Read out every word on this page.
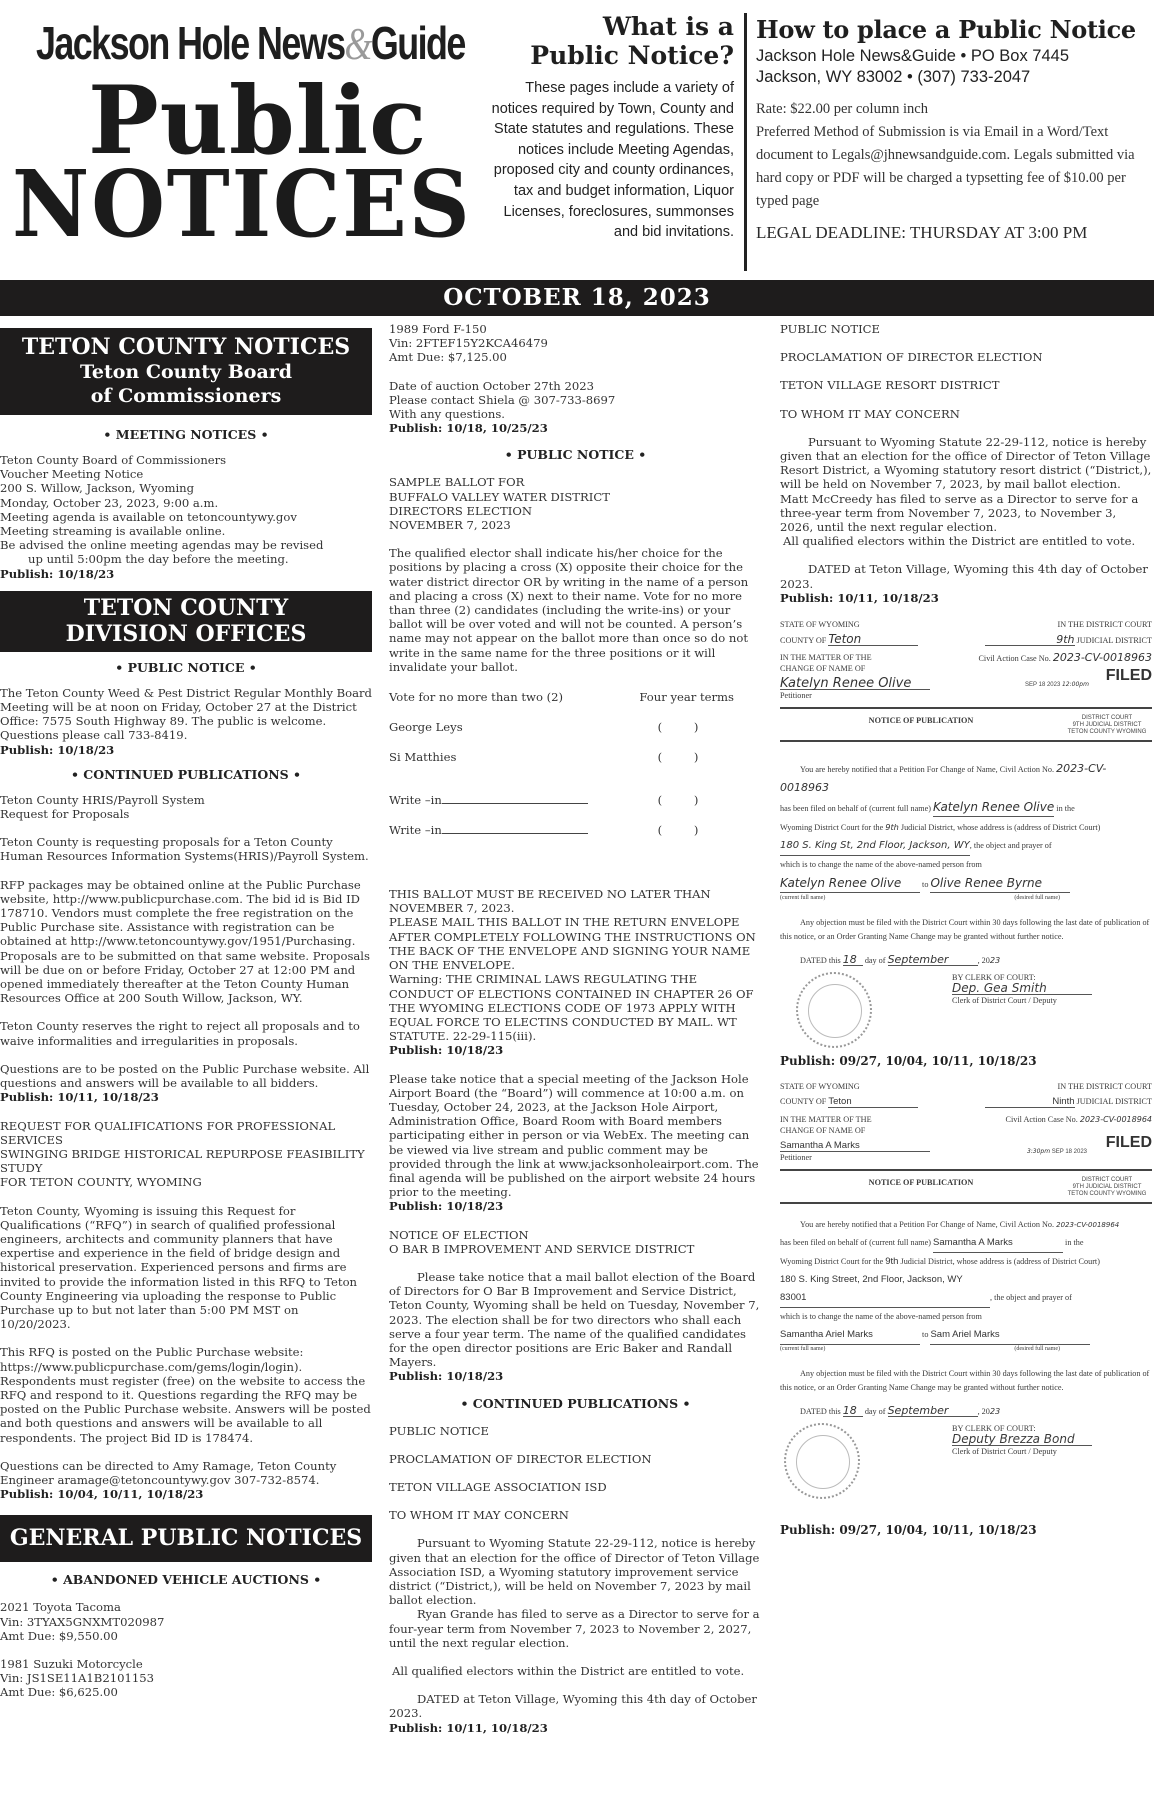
Jackson Hole News&Guide
Public
NOTICES
What is a
Public Notice?

These pages include a variety of notices required by Town, County and State statutes and regulations. These notices include Meeting Agendas, proposed city and county ordinances, tax and budget information, Liquor Licenses, foreclosures, summonses and bid invitations.

How to place a Public Notice
Jackson Hole News&Guide • PO Box 7445
Jackson, WY 83002 • (307) 733-2047
Rate: $22.00 per column inch
Preferred Method of Submission is via Email in a Word/Text document to Legals@jhnewsandguide.com. Legals submitted via hard copy or PDF will be charged a typsetting fee of $10.00 per typed page
LEGAL DEADLINE: THURSDAY AT 3:00 PM
OCTOBER 18, 2023
TETON COUNTY NOTICES
Teton County Board
of Commissioners
• MEETING NOTICES •
Teton County Board of Commissioners
Voucher Meeting Notice
200 S. Willow, Jackson, Wyoming
Monday, October 23, 2023, 9:00 a.m.
Meeting agenda is available on tetoncountywy.gov
Meeting streaming is available online.
Be advised the online meeting agendas may be revised
up until 5:00pm the day before the meeting.
Publish: 10/18/23
TETON COUNTY
DIVISION OFFICES
• PUBLIC NOTICE •

The Teton County Weed & Pest District Regular Monthly Board Meeting will be at noon on Friday, October 27 at the District Office: 7575 South Highway 89. The public is welcome. Questions please call 733-8419.

Publish: 10/18/23
• CONTINUED PUBLICATIONS •
Teton County HRIS/Payroll System
Request for Proposals

Teton County is requesting proposals for a Teton County Human Resources Information Systems(HRIS)/Payroll System.

RFP packages may be obtained online at the Public Purchase website, http://www.publicpurchase.com. The bid id is Bid ID 178710. Vendors must complete the free registration on the Public Purchase site. Assistance with registration can be obtained at http://www.tetoncountywy.gov/1951/Purchasing. Proposals are to be submitted on that same website. Proposals will be due on or before Friday, October 27 at 12:00 PM and opened immediately thereafter at the Teton County Human Resources Office at 200 South Willow, Jackson, WY.

Teton County reserves the right to reject all proposals and to waive informalities and irregularities in proposals.

Questions are to be posted on the Public Purchase website. All questions and answers will be available to all bidders.

Publish: 10/11, 10/18/23
REQUEST FOR QUALIFICATIONS FOR PROFESSIONAL SERVICES
SWINGING BRIDGE HISTORICAL REPURPOSE FEASIBILITY STUDY
FOR TETON COUNTY, WYOMING

Teton County, Wyoming is issuing this Request for Qualifications (“RFQ”) in search of qualified professional engineers, architects and community planners that have expertise and experience in the field of bridge design and historical preservation. Experienced persons and firms are invited to provide the information listed in this RFQ to Teton County Engineering via uploading the response to Public Purchase up to but not later than 5:00 PM MST on 10/20/2023.

This RFQ is posted on the Public Purchase website: https://www.publicpurchase.com/gems/login/login). Respondents must register (free) on the website to access the RFQ and respond to it. Questions regarding the RFQ may be posted on the Public Purchase website. Answers will be posted and both questions and answers will be available to all respondents. The project Bid ID is 178474.

Questions can be directed to Amy Ramage, Teton County Engineer aramage@tetoncountywy.gov 307-732-8574.

Publish: 10/04, 10/11, 10/18/23
GENERAL PUBLIC NOTICES
• ABANDONED VEHICLE AUCTIONS •
2021 Toyota Tacoma
Vin: 3TYAX5GNXMT020987
Amt Due: $9,550.00
1981 Suzuki Motorcycle
Vin: JS1SE11A1B2101153
Amt Due: $6,625.00
1989 Ford F-150
Vin: 2FTEF15Y2KCA46479
Amt Due: $7,125.00
Date of auction October 27th 2023
Please contact Shiela @ 307-733-8697
With any questions.
Publish: 10/18, 10/25/23
• PUBLIC NOTICE •
SAMPLE BALLOT FOR
BUFFALO VALLEY WATER DISTRICT
DIRECTORS ELECTION
NOVEMBER 7, 2023

The qualified elector shall indicate his/her choice for the positions by placing a cross (X) opposite their choice for the water district director OR by writing in the name of a person and placing a cross (X) next to their name. Vote for no more than three (2) candidates (including the write-ins) or your ballot will be over voted and will not be counted. A person’s name may not appear on the ballot more than once so do not write in the same name for the three positions or it will invalidate your ballot.

Vote for no more than two (2)	Four year terms
George Leys	( )
Si Matthies	( )
Write –in	( )
Write –in	( )

THIS BALLOT MUST BE RECEIVED NO LATER THAN NOVEMBER 7, 2023.

PLEASE MAIL THIS BALLOT IN THE RETURN ENVELOPE AFTER COMPLETELY FOLLOWING THE INSTRUCTIONS ON THE BACK OF THE ENVELOPE AND SIGNING YOUR NAME ON THE ENVELOPE.

Warning: THE CRIMINAL LAWS REGULATING THE CONDUCT OF ELECTIONS CONTAINED IN CHAPTER 26 OF THE WYOMING ELECTIONS CODE OF 1973 APPLY WITH EQUAL FORCE TO ELECTINS CONDUCTED BY MAIL. WT STATUTE. 22-29-115(iii).

Publish: 10/18/23

Please take notice that a special meeting of the Jackson Hole Airport Board (the “Board”) will commence at 10:00 a.m. on Tuesday, October 24, 2023, at the Jackson Hole Airport, Administration Office, Board Room with Board members participating either in person or via WebEx. The meeting can be viewed via live stream and public comment may be provided through the link at www.jacksonholeairport.com. The final agenda will be published on the airport website 24 hours prior to the meeting.

Publish: 10/18/23
NOTICE OF ELECTION
O BAR B IMPROVEMENT AND SERVICE DISTRICT

Please take notice that a mail ballot election of the Board of Directors for O Bar B Improvement and Service District, Teton County, Wyoming shall be held on Tuesday, November 7, 2023. The election shall be for two directors who shall each serve a four year term. The name of the qualified candidates for the open director positions are Eric Baker and Randall Mayers.

Publish: 10/18/23
• CONTINUED PUBLICATIONS •
PUBLIC NOTICE
PROCLAMATION OF DIRECTOR ELECTION
TETON VILLAGE ASSOCIATION ISD
TO WHOM IT MAY CONCERN

Pursuant to Wyoming Statute 22-29-112, notice is hereby given that an election for the office of Director of Teton Village Association ISD, a Wyoming statutory improvement service district (“District,), will be held on November 7, 2023 by mail ballot election.

Ryan Grande has filed to serve as a Director to serve for a four-year term from November 7, 2023 to November 2, 2027, until the next regular election.

All qualified electors within the District are entitled to vote.

DATED at Teton Village, Wyoming this 4th day of October 2023.

Publish: 10/11, 10/18/23
PUBLIC NOTICE
PROCLAMATION OF DIRECTOR ELECTION
TETON VILLAGE RESORT DISTRICT
TO WHOM IT MAY CONCERN

Pursuant to Wyoming Statute 22-29-112, notice is hereby given that an election for the office of Director of Teton Village Resort District, a Wyoming statutory resort district (“District,), will be held on November 7, 2023, by mail ballot election.

Matt McCreedy has filed to serve as a Director to serve for a three-year term from November 7, 2023, to November 3, 2026, until the next regular election.

All qualified electors within the District are entitled to vote.

DATED at Teton Village, Wyoming this 4th day of October 2023.

Publish: 10/11, 10/18/23
STATE OF WYOMING
COUNTY OF Teton
IN THE MATTER OF THE
CHANGE OF NAME OF
Katelyn Renee Olive
Petitioner
IN THE DISTRICT COURT
9th JUDICIAL DISTRICT
Civil Action Case No. 2023-CV-0018963
FILED
SEP 18 2023 12:00pm
NOTICE OF PUBLICATION	DISTRICT COURT
9TH JUDICIAL DISTRICT
TETON COUNTY WYOMING
You are hereby notified that a Petition For Change of Name, Civil Action No. 2023-CV-0018963
has been filed on behalf of (current full name) Katelyn Renee Olive in the
Wyoming District Court for the 9th Judicial District, whose address is (address of District Court)
180 S. King St, 2nd Floor, Jackson, WY, the object and prayer of
which is to change the name of the above-named person from
Katelyn Renee Olive	to Olive Renee Byrne
(current full name)	(desired full name)

Any objection must be filed with the District Court within 30 days following the last date of publication of this notice, or an Order Granting Name Change may be granted without further notice.

DATED this 18 day of September	, 2023
BY CLERK OF COURT:
Dep. Gea Smith
Clerk of District Court / Deputy
Publish: 09/27, 10/04, 10/11, 10/18/23
STATE OF WYOMING
COUNTY OF Teton
IN THE MATTER OF THE
CHANGE OF NAME OF
Samantha A Marks
Petitioner
IN THE DISTRICT COURT
Ninth JUDICIAL DISTRICT
Civil Action Case No. 2023-CV-0018964
FILED
3:30pm SEP 18 2023
NOTICE OF PUBLICATION	DISTRICT COURT
9TH JUDICIAL DISTRICT
TETON COUNTY WYOMING
You are hereby notified that a Petition For Change of Name, Civil Action No. 2023-CV-0018964
has been filed on behalf of (current full name) Samantha A Marks	in the
Wyoming District Court for the 9th Judicial District, whose address is (address of District Court)
180 S. King Street, 2nd Floor, Jackson, WY 83001	, the object and prayer of
which is to change the name of the above-named person from
Samantha Ariel Marks	to Sam Ariel Marks
(current full name)	(desired full name)

Any objection must be filed with the District Court within 30 days following the last date of publication of this notice, or an Order Granting Name Change may be granted without further notice.

DATED this 18 day of September	, 2023
BY CLERK OF COURT:
Deputy Brezza Bond
Clerk of District Court / Deputy
Publish: 09/27, 10/04, 10/11, 10/18/23
